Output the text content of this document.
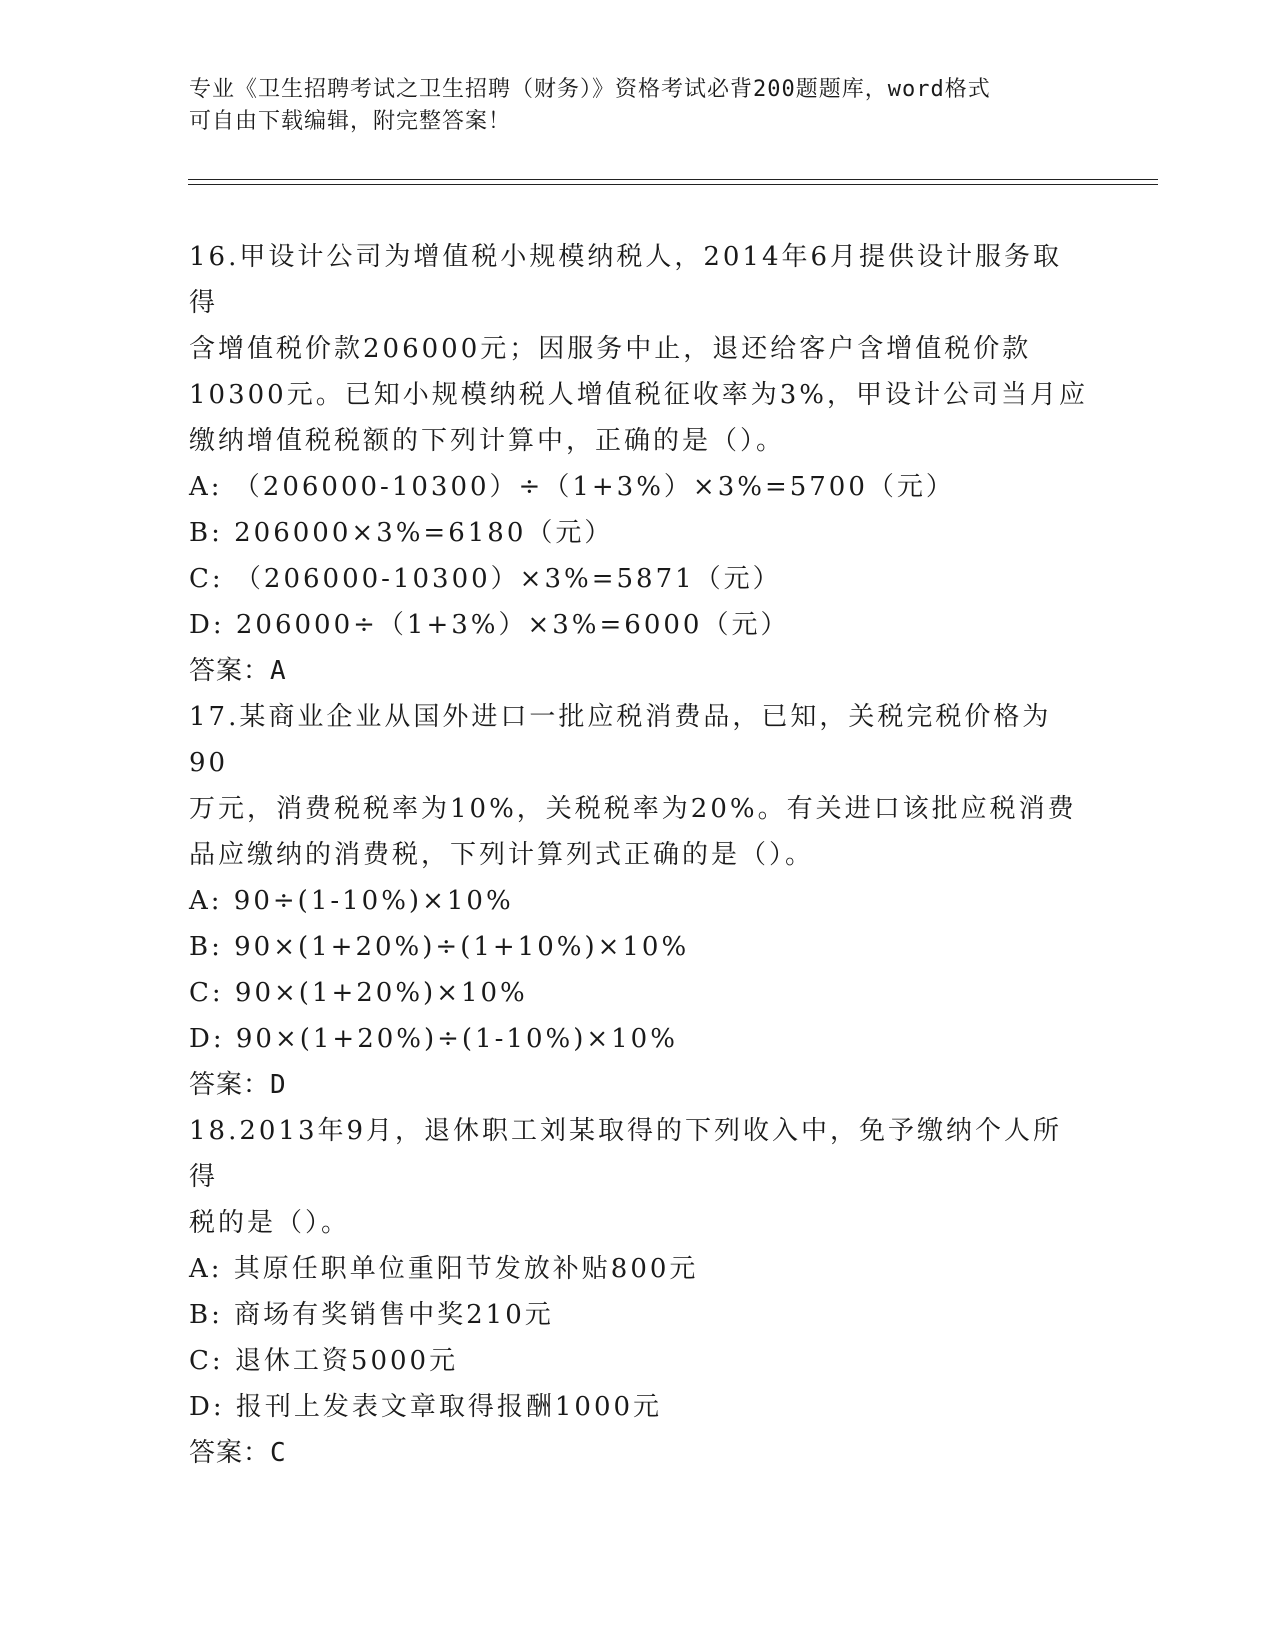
专业《卫生招聘考试之卫生招聘（财务）》资格考试必背200题题库，word格式
可自由下载编辑，附完整答案！

16.甲设计公司为增值税小规模纳税人，2014年6月提供设计服务取得

含增值税价款206000元；因服务中止，退还给客户含增值税价款

10300元。已知小规模纳税人增值税征收率为3%，甲设计公司当月应

缴纳增值税税额的下列计算中，正确的是（）。

A: （206000-10300）÷（1+3%）×3%=5700（元）

B: 206000×3%=6180（元）

C: （206000-10300）×3%=5871（元）

D: 206000÷（1+3%）×3%=6000（元）

答案：A

17.某商业企业从国外进口一批应税消费品，已知，关税完税价格为90

万元，消费税税率为10%，关税税率为20%。有关进口该批应税消费

品应缴纳的消费税，下列计算列式正确的是（）。

A: 90÷(1-10%)×10%

B: 90×(1+20%)÷(1+10%)×10%

C: 90×(1+20%)×10%

D: 90×(1+20%)÷(1-10%)×10%

答案：D

18.2013年9月，退休职工刘某取得的下列收入中，免予缴纳个人所得

税的是（）。

A: 其原任职单位重阳节发放补贴800元

B: 商场有奖销售中奖210元

C: 退休工资5000元

D: 报刊上发表文章取得报酬1000元

答案：C
